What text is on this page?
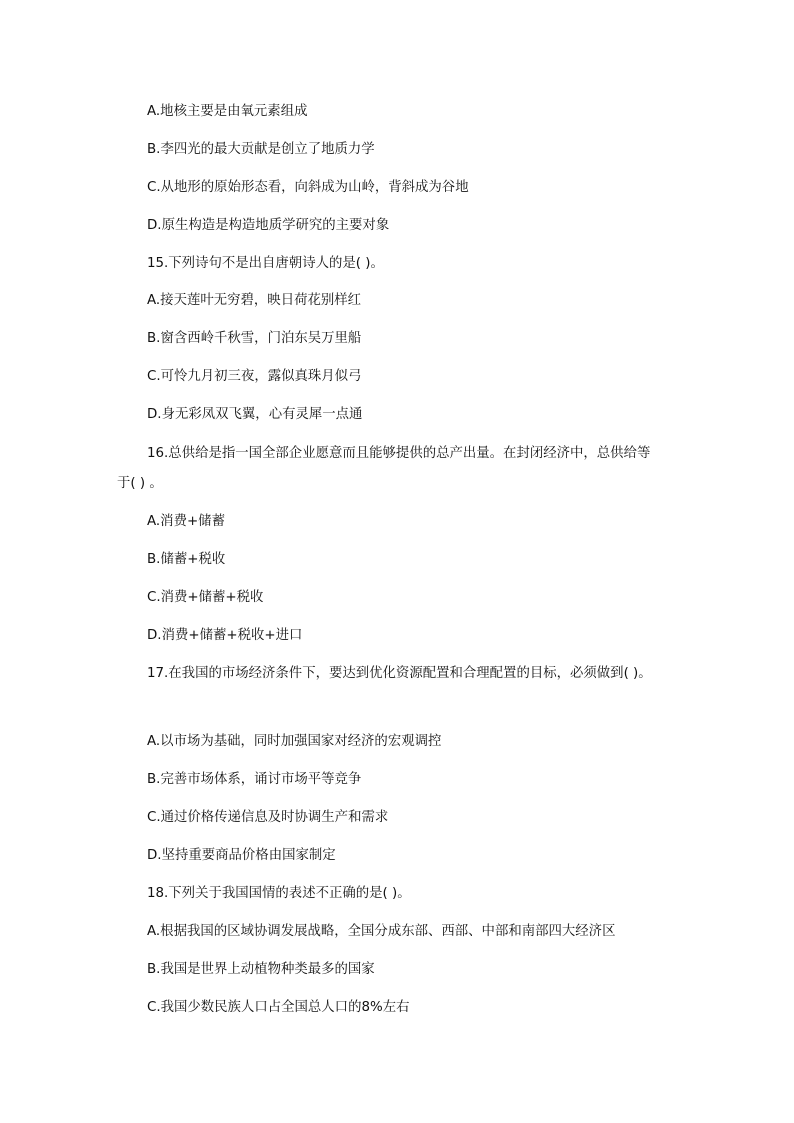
A.地核主要是由氧元素组成
B.李四光的最大贡献是创立了地质力学
C.从地形的原始形态看，向斜成为山岭，背斜成为谷地
D.原生构造是构造地质学研究的主要对象
15.下列诗句不是出自唐朝诗人的是( )。
A.接天莲叶无穷碧，映日荷花别样红
B.窗含西岭千秋雪，门泊东吴万里船
C.可怜九月初三夜，露似真珠月似弓
D.身无彩凤双飞翼，心有灵犀一点通
16.总供给是指一国全部企业愿意而且能够提供的总产出量。在封闭经济中，总供给等
于( ) 。
A.消费+储蓄
B.储蓄+税收
C.消费+储蓄+税收
D.消费+储蓄+税收+进口
17.在我国的市场经济条件下，要达到优化资源配置和合理配置的目标，必须做到( )。
A.以市场为基础，同时加强国家对经济的宏观调控
B.完善市场体系，诵讨市场平等竞争
C.通过价格传递信息及时协调生产和需求
D.坚持重要商品价格由国家制定
18.下列关于我国国情的表述不正确的是( )。
A.根据我国的区域协调发展战略，全国分成东部、西部、中部和南部四大经济区
B.我国是世界上动植物种类最多的国家
C.我国少数民族人口占全国总人口的8%左右
